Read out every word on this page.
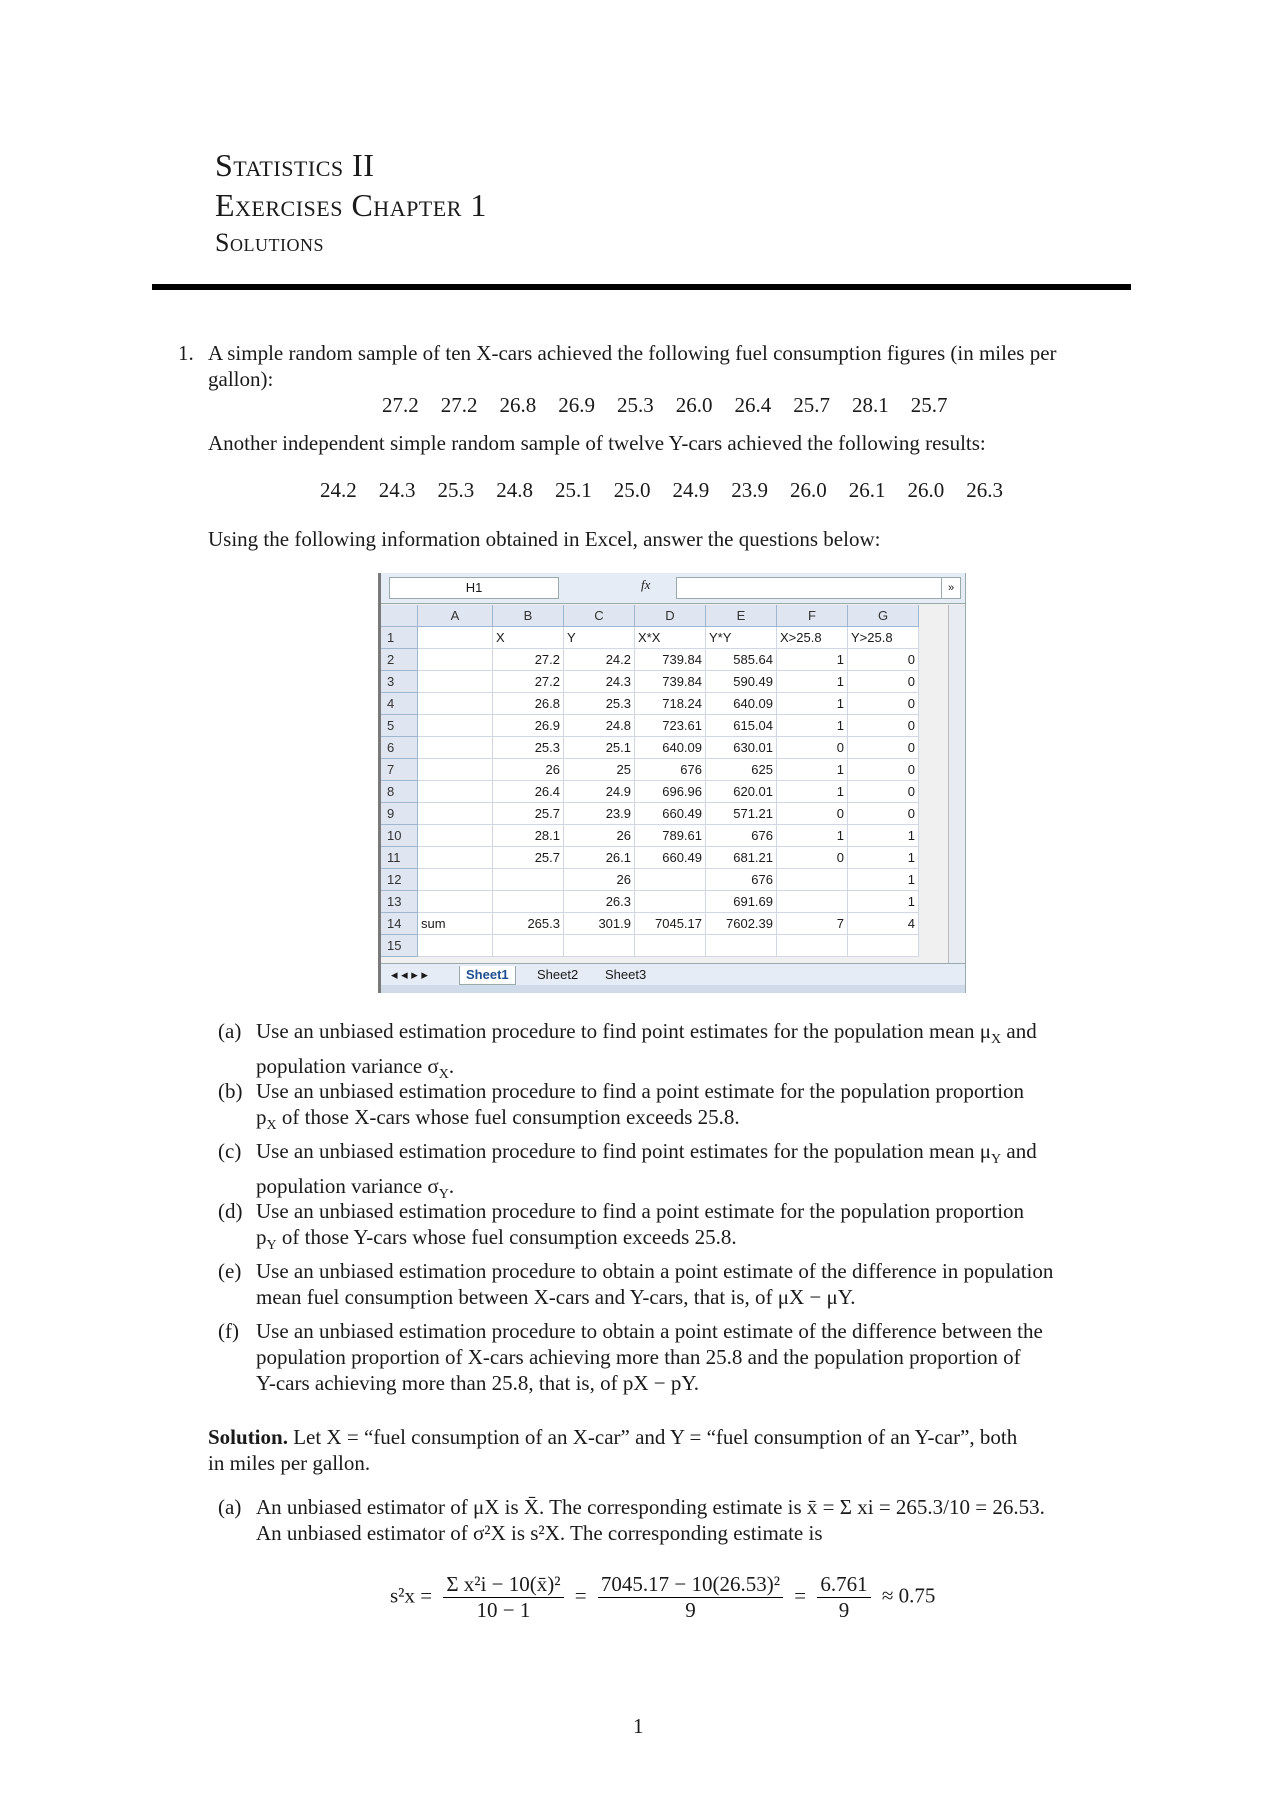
Statistics II
Exercises Chapter 1
Solutions
1. A simple random sample of ten X-cars achieved the following fuel consumption figures (in miles per
gallon):
27.2 27.2 26.8 26.9 25.3 26.0 26.4 25.7 28.1 25.7
Another independent simple random sample of twelve Y-cars achieved the following results:
24.2 24.3 25.3 24.8 25.1 25.0 24.9 23.9 26.0 26.1 26.0 26.3
Using the following information obtained in Excel, answer the questions below:
H1	fx	»
	A	B	C	D	E	F	G
1		X	Y	X*X	Y*Y	X>25.8	Y>25.8
2		27.2	24.2	739.84	585.64	1	0
3		27.2	24.3	739.84	590.49	1	0
4		26.8	25.3	718.24	640.09	1	0
5		26.9	24.8	723.61	615.04	1	0
6		25.3	25.1	640.09	630.01	0	0
7		26	25	676	625	1	0
8		26.4	24.9	696.96	620.01	1	0
9		25.7	23.9	660.49	571.21	0	0
10		28.1	26	789.61	676	1	1
11		25.7	26.1	660.49	681.21	0	1
12			26		676		1
13			26.3		691.69		1
14	sum	265.3	301.9	7045.17	7602.39	7	4
15							
◂ ◂ ▸ ▸	Sheet1	Sheet2	Sheet3
(a) Use an unbiased estimation procedure to find point estimates for the population mean $\mu_X$ and
population variance $\sigma_X$.
(b) Use an unbiased estimation procedure to find a point estimate for the population proportion
$p_X$ of those X-cars whose fuel consumption exceeds 25.8.
(c) Use an unbiased estimation procedure to find point estimates for the population mean $\mu_Y$ and
population variance $\sigma_Y$.
(d) Use an unbiased estimation procedure to find a point estimate for the population proportion
$p_Y$ of those Y-cars whose fuel consumption exceeds 25.8.
(e) Use an unbiased estimation procedure to obtain a point estimate of the difference in population
mean fuel consumption between X-cars and Y-cars, that is, of μX − μY.
(f) Use an unbiased estimation procedure to obtain a point estimate of the difference between the
population proportion of X-cars achieving more than 25.8 and the population proportion of
Y-cars achieving more than 25.8, that is, of pX − pY.
Solution. Let X = “fuel consumption of an X-car” and Y = “fuel consumption of an Y-car”, both
in miles per gallon.
(a) An unbiased estimator of μX is X̄. The corresponding estimate is x̄ = Σ xi = 265.3/10 = 26.53.
An unbiased estimator of σ²X is s²X. The corresponding estimate is
$s^2x = \frac{\text{Σ x²i − 10(x̄)²}}{10 - 1} = \frac{\text{7045.17 − 10(26.53)²}}{9} = \frac{6.761}{9} \approx 0.75$
1
